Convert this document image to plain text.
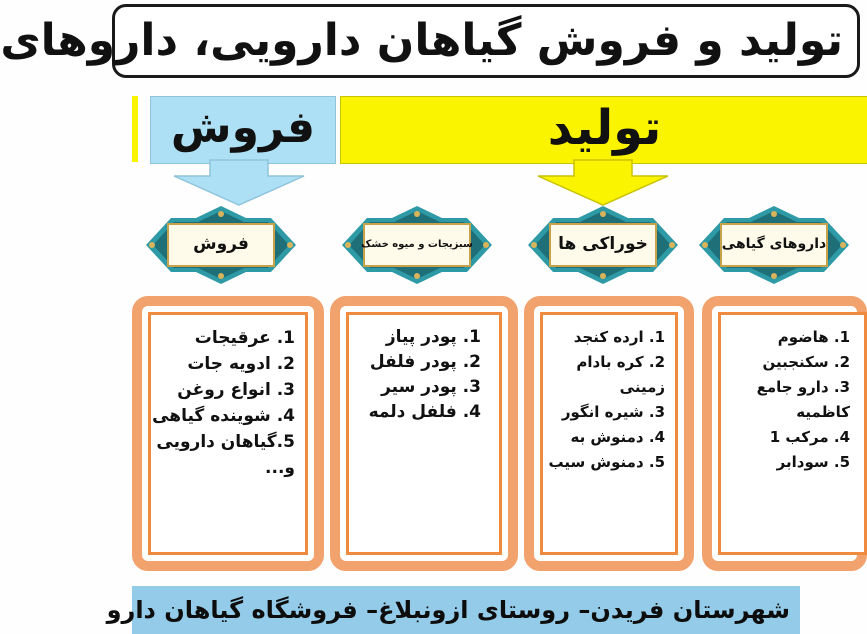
تولید و فروش گیاهان دارویی، داروهای
تولید
فروش
داروهای گیاهی
خوراکی ها
سبزیجات و میوه خشک
فروش
1. هاضوم
2. سکنجبین
3. دارو جامع
کاظمیه
4. مرکب 1
5. سودابر
1. ارده کنجد
2. کره بادام
زمینی
3. شیره انگور
4. دمنوش به
5. دمنوش سیب
1. پودر پیاز
2. پودر فلفل
3. پودر سیر
4. فلفل دلمه
1. عرقیجات
2. ادویه جات
3. انواع روغن
4. شوینده گیاهی
5.گیاهان دارویی
و...
شهرستان فریدن– روستای ازونبلاغ– فروشگاه گیاهان دارو
